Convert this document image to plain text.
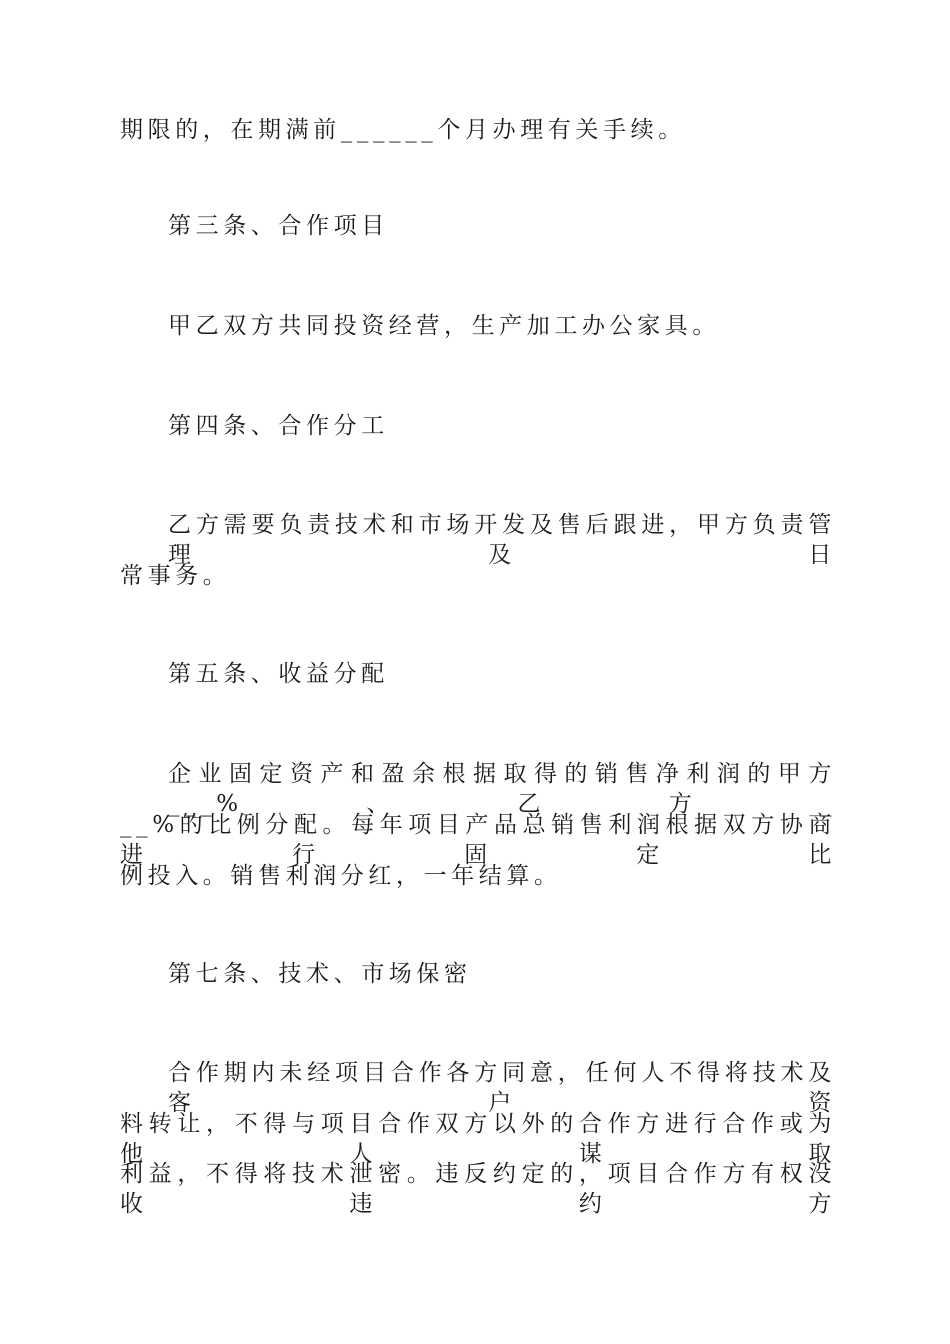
期限的，在期满前______个月办理有关手续。
第三条、合作项目
甲乙双方共同投资经营，生产加工办公家具。
第四条、合作分工
乙方需要负责技术和市场开发及售后跟进，甲方负责管理及日
常事务。
第五条、收益分配
企业固定资产和盈余根据取得的销售净利润的甲方___%、乙方_
__%的比例分配。每年项目产品总销售利润根据双方协商进行固定比
例投入。销售利润分红，一年结算。
第七条、技术、市场保密
合作期内未经项目合作各方同意，任何人不得将技术及客户资
料转让，不得与项目合作双方以外的合作方进行合作或为他人谋取
利益，不得将技术泄密。违反约定的，项目合作方有权没收违约方
